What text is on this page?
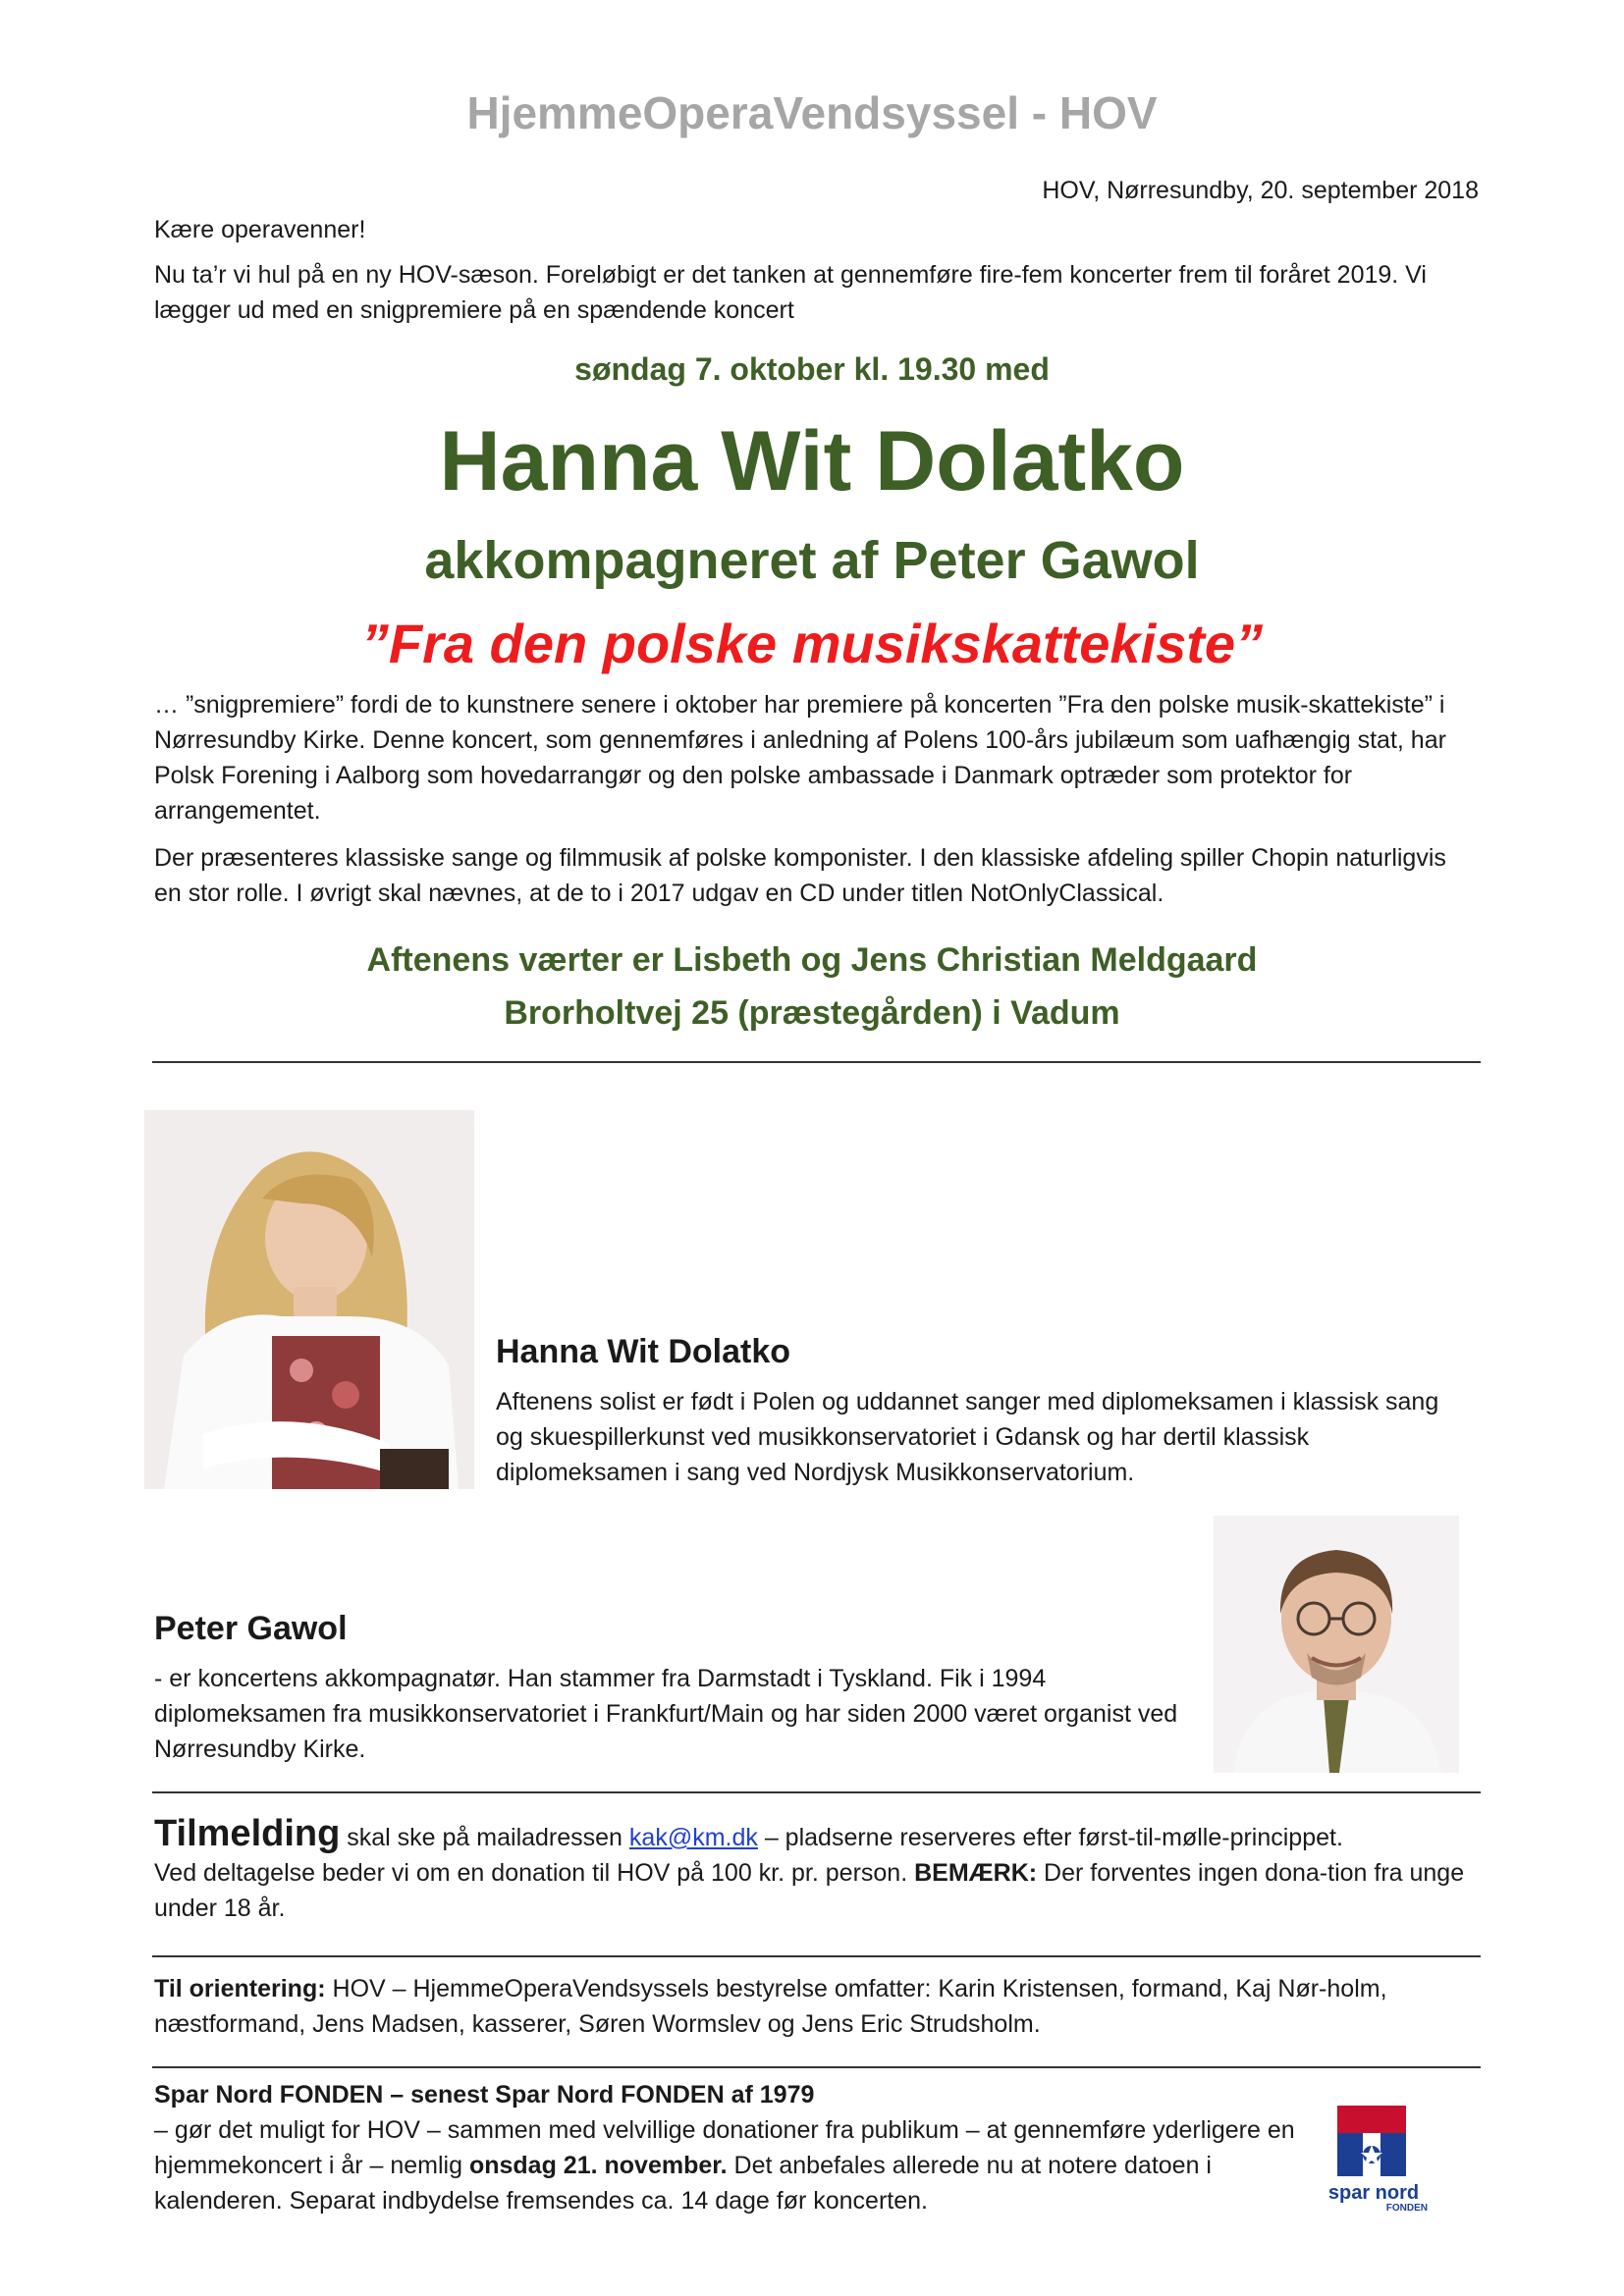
HjemmeOperaVendsyssel - HOV
HOV, Nørresundby, 20. september 2018
Kære operavenner!
Nu ta’r vi hul på en ny HOV-sæson. Foreløbigt er det tanken at gennemføre fire-fem koncerter frem til foråret 2019. Vi lægger ud med en snigpremiere på en spændende koncert
søndag 7. oktober kl. 19.30 med
Hanna Wit Dolatko
akkompagneret af Peter Gawol
”Fra den polske musikskattekiste”
… ”snigpremiere” fordi de to kunstnere senere i oktober har premiere på koncerten ”Fra den polske musik-skattekiste” i Nørresundby Kirke. Denne koncert, som gennemføres i anledning af Polens 100-års jubilæum som uafhængig stat, har Polsk Forening i Aalborg som hovedarrangør og den polske ambassade i Danmark optræder som protektor for arrangementet.
Der præsenteres klassiske sange og filmmusik af polske komponister. I den klassiske afdeling spiller Chopin naturligvis en stor rolle. I øvrigt skal nævnes, at de to i 2017 udgav en CD under titlen NotOnlyClassical.
Aftenens værter er Lisbeth og Jens Christian Meldgaard
Brorholtvej 25 (præstegården) i Vadum
Hanna Wit Dolatko
Aftenens solist er født i Polen og uddannet sanger med diplomeksamen i klassisk sang og skuespillerkunst ved musikkonservatoriet i Gdansk og har dertil klassisk diplomeksamen i sang ved Nordjysk Musikkonservatorium.
Peter Gawol
- er koncertens akkompagnatør. Han stammer fra Darmstadt i Tyskland. Fik i 1994 diplomeksamen fra musikkonservatoriet i Frankfurt/Main og har siden 2000 været organist ved Nørresundby Kirke.
Tilmelding skal ske på mailadressen kak@km.dk – pladserne reserveres efter først-til-mølle-princippet.
Ved deltagelse beder vi om en donation til HOV på 100 kr. pr. person. BEMÆRK: Der forventes ingen dona-tion fra unge under 18 år.
Til orientering: HOV – HjemmeOperaVendsyssels bestyrelse omfatter: Karin Kristensen, formand, Kaj Nør-holm, næstformand, Jens Madsen, kasserer, Søren Wormslev og Jens Eric Strudsholm.
Spar Nord FONDEN – senest Spar Nord FONDEN af 1979
– gør det muligt for HOV – sammen med velvillige donationer fra publikum – at gennemføre yderligere en hjemmekoncert i år – nemlig onsdag 21. november. Det anbefales allerede nu at notere datoen i kalenderen. Separat indbydelse fremsendes ca. 14 dage før koncerten.	spar nord
FONDEN
